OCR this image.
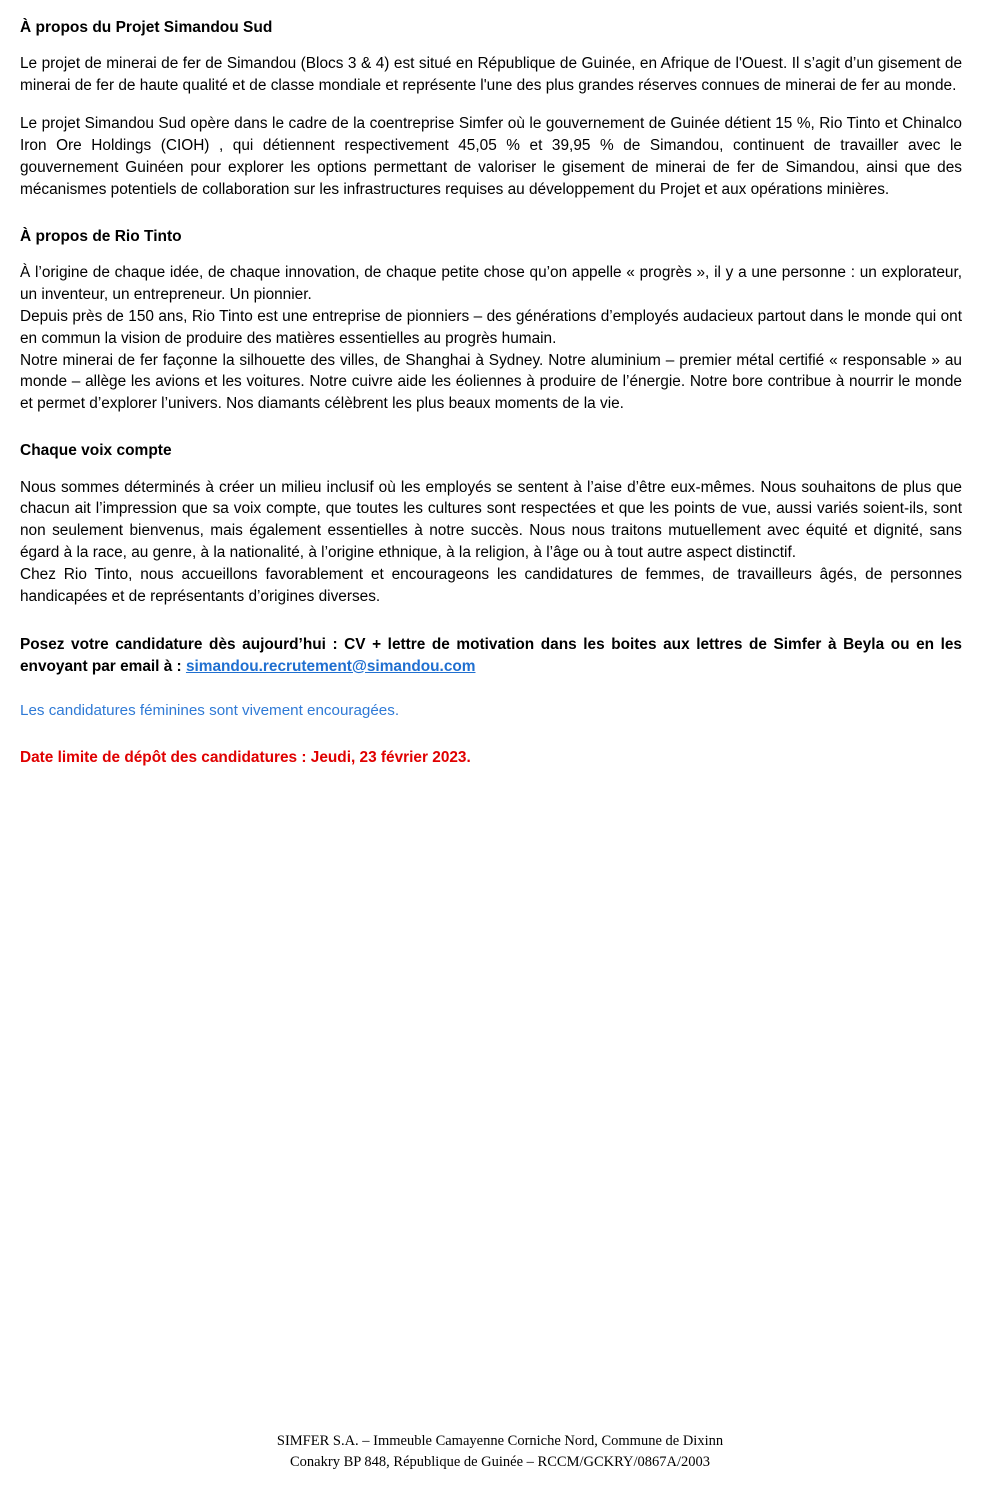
À propos du Projet Simandou Sud

Le projet de minerai de fer de Simandou (Blocs 3 & 4) est situé en République de Guinée, en Afrique de l'Ouest. Il s’agit d’un gisement de minerai de fer de haute qualité et de classe mondiale et représente l'une des plus grandes réserves connues de minerai de fer au monde.

Le projet Simandou Sud opère dans le cadre de la coentreprise Simfer où le gouvernement de Guinée détient 15 %, Rio Tinto et Chinalco Iron Ore Holdings (CIOH) , qui détiennent respectivement 45,05 % et 39,95 % de Simandou, continuent de travailler avec le gouvernement Guinéen pour explorer les options permettant de valoriser le gisement de minerai de fer de Simandou, ainsi que des mécanismes potentiels de collaboration sur les infrastructures requises au développement du Projet et aux opérations minières.

À propos de Rio Tinto

À l’origine de chaque idée, de chaque innovation, de chaque petite chose qu’on appelle « progrès », il y a une personne : un explorateur, un inventeur, un entrepreneur. Un pionnier.

Depuis près de 150 ans, Rio Tinto est une entreprise de pionniers – des générations d’employés audacieux partout dans le monde qui ont en commun la vision de produire des matières essentielles au progrès humain.

Notre minerai de fer façonne la silhouette des villes, de Shanghai à Sydney. Notre aluminium – premier métal certifié « responsable » au monde – allège les avions et les voitures. Notre cuivre aide les éoliennes à produire de l’énergie. Notre bore contribue à nourrir le monde et permet d’explorer l’univers. Nos diamants célèbrent les plus beaux moments de la vie.

Chaque voix compte

Nous sommes déterminés à créer un milieu inclusif où les employés se sentent à l’aise d’être eux-mêmes. Nous souhaitons de plus que chacun ait l’impression que sa voix compte, que toutes les cultures sont respectées et que les points de vue, aussi variés soient-ils, sont non seulement bienvenus, mais également essentielles à notre succès. Nous nous traitons mutuellement avec équité et dignité, sans égard à la race, au genre, à la nationalité, à l’origine ethnique, à la religion, à l’âge ou à tout autre aspect distinctif.

Chez Rio Tinto, nous accueillons favorablement et encourageons les candidatures de femmes, de travailleurs âgés, de personnes handicapées et de représentants d’origines diverses.

Posez votre candidature dès aujourd’hui : CV + lettre de motivation dans les boites aux lettres de Simfer à Beyla ou en les envoyant par email à : simandou.recrutement@simandou.com

Les candidatures féminines sont vivement encouragées.

Date limite de dépôt des candidatures : Jeudi, 23 février 2023.

SIMFER S.A. – Immeuble Camayenne Corniche Nord, Commune de Dixinn
Conakry BP 848, République de Guinée – RCCM/GCKRY/0867A/2003
